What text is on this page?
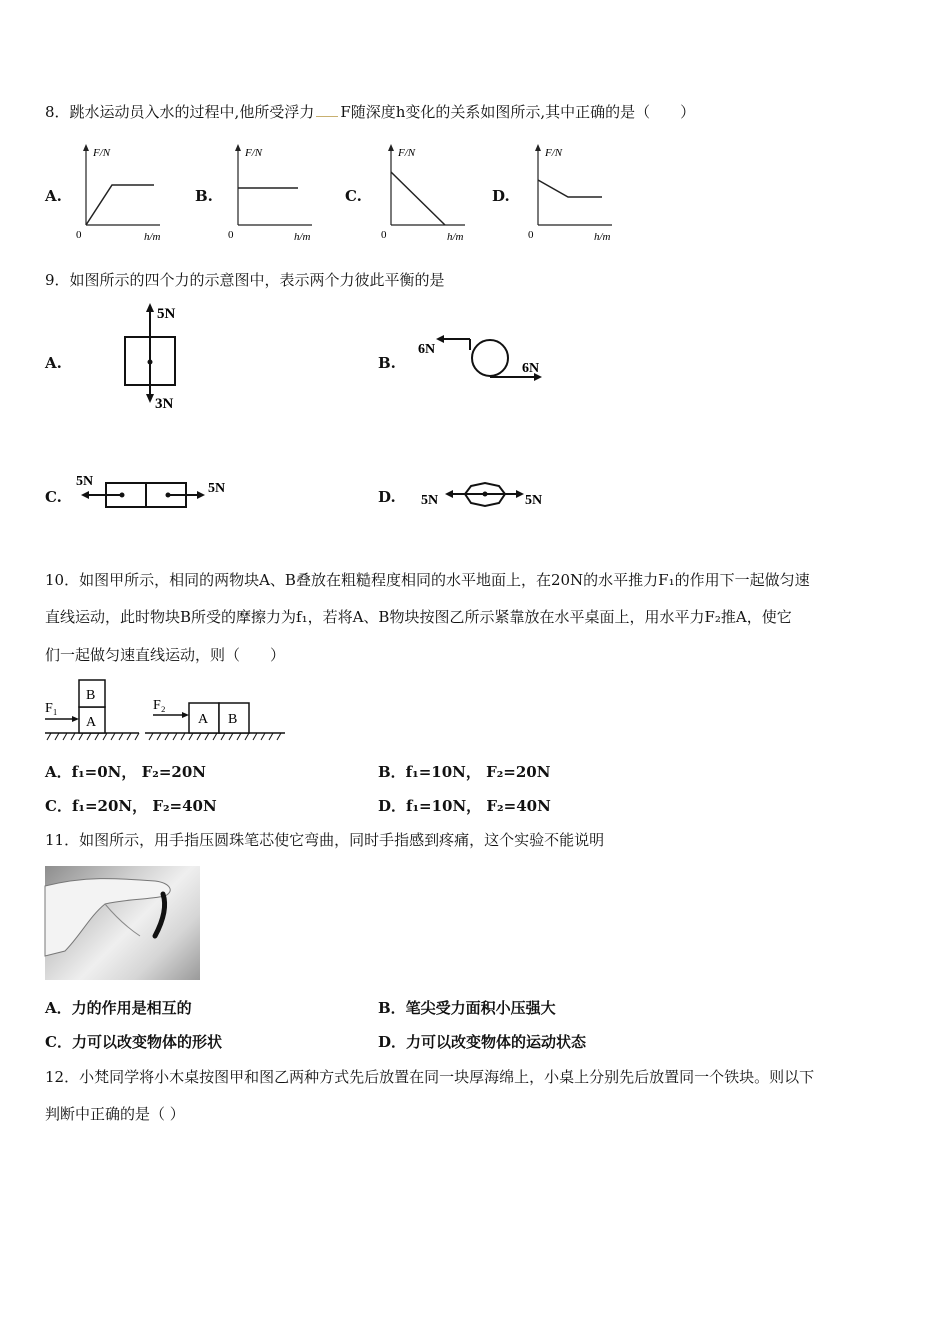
8．跳水运动员入水的过程中,他所受浮力 F随深度h变化的关系如图所示,其中正确的是（　　）
A.	B.	C.	D.
F/N
h/m
0
F/N
h/m
0
F/N
h/m
0
F/N
h/m
0
9．如图所示的四个力的示意图中，表示两个力彼此平衡的是
A.
5N
3N
B.
6N
6N
C.
5N	5N	D. 5N	5N
10．如图甲所示，相同的两物块A、B叠放在粗糙程度相同的水平地面上，在20N的水平推力F₁的作用下一起做匀速
直线运动，此时物块B所受的摩擦力为f₁，若将A、B物块按图乙所示紧靠放在水平桌面上，用水平力F₂推A，使它
们一起做匀速直线运动，则（　　）
A
B
F₁
A B
F₂
A．f₁=0N， F₂=20N	B．f₁=10N， F₂=20N
C．f₁=20N， F₂=40N	D．f₁=10N， F₂=40N
11．如图所示，用手指压圆珠笔芯使它弯曲，同时手指感到疼痛，这个实验不能说明
A．力的作用是相互的	B．笔尖受力面积小压强大
C．力可以改变物体的形状	D．力可以改变物体的运动状态
12．小梵同学将小木桌按图甲和图乙两种方式先后放置在同一块厚海绵上，小桌上分别先后放置同一个铁块。则以下
判断中正确的是（ ）
